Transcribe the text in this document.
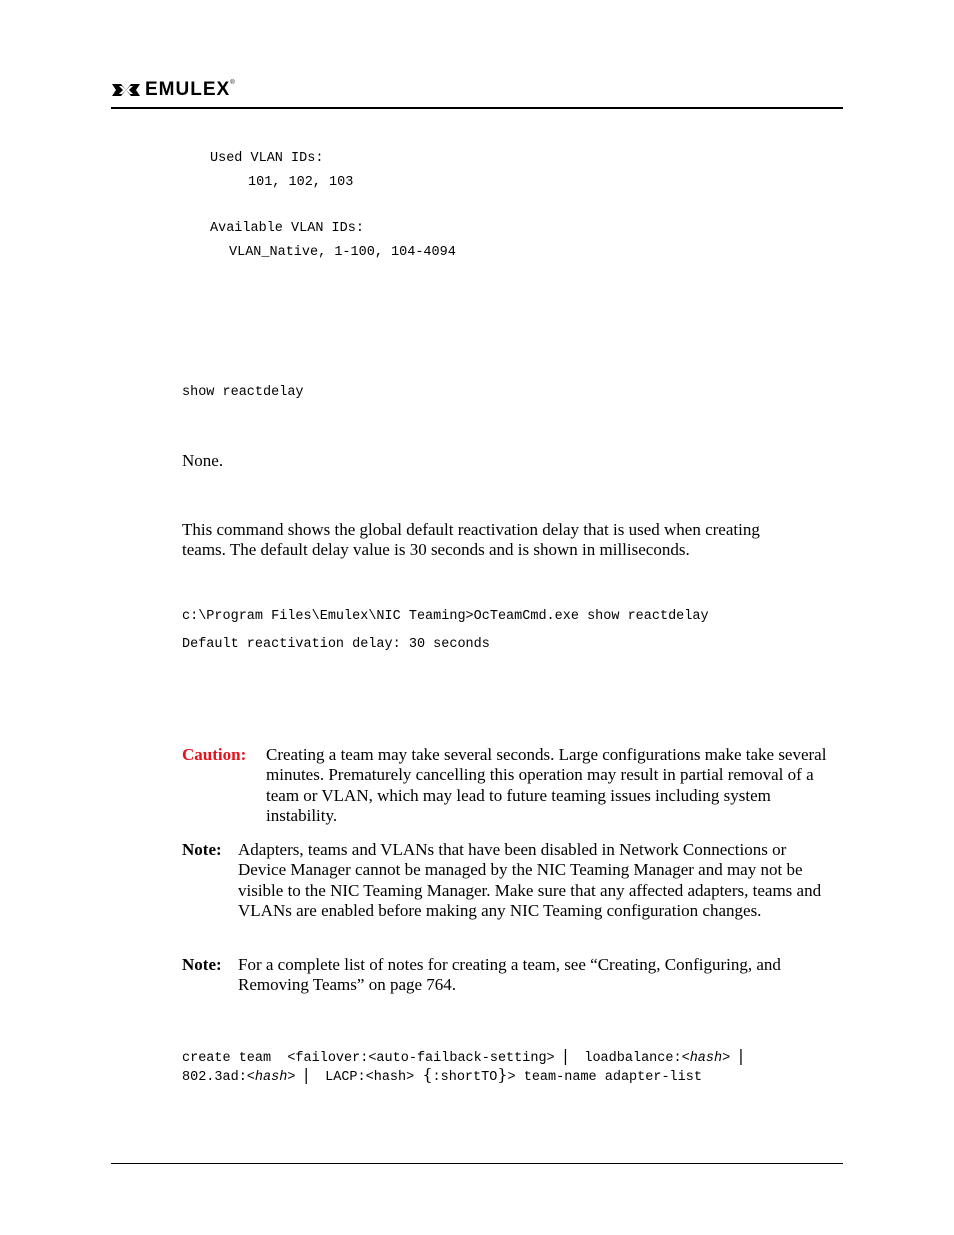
EMULEX ®
Used VLAN IDs:
101, 102, 103
Available VLAN IDs:
VLAN_Native, 1-100, 104-4094
show reactdelay
None.
This command shows the global default reactivation delay that is used when creating
teams. The default delay value is 30 seconds and is shown in milliseconds.
c:\Program Files\Emulex\NIC Teaming>OcTeamCmd.exe show reactdelay
Default reactivation delay: 30 seconds
Caution: Creating a team may take several seconds. Large configurations make take several minutes. Prematurely cancelling this operation may result in partial removal of a team or VLAN, which may lead to future teaming issues including system instability.
Note: Adapters, teams and VLANs that have been disabled in Network Connections or Device Manager cannot be managed by the NIC Teaming Manager and may not be visible to the NIC Teaming Manager. Make sure that any affected adapters, teams and VLANs are enabled before making any NIC Teaming configuration changes.
Note: For a complete list of notes for creating a team, see “Creating, Configuring, and Removing Teams” on page 764.
create team  <failover:<auto-failback-setting> |  loadbalance:<hash> |
802.3ad:<hash> |  LACP:<hash> {:shortTO}> team-name adapter-list
